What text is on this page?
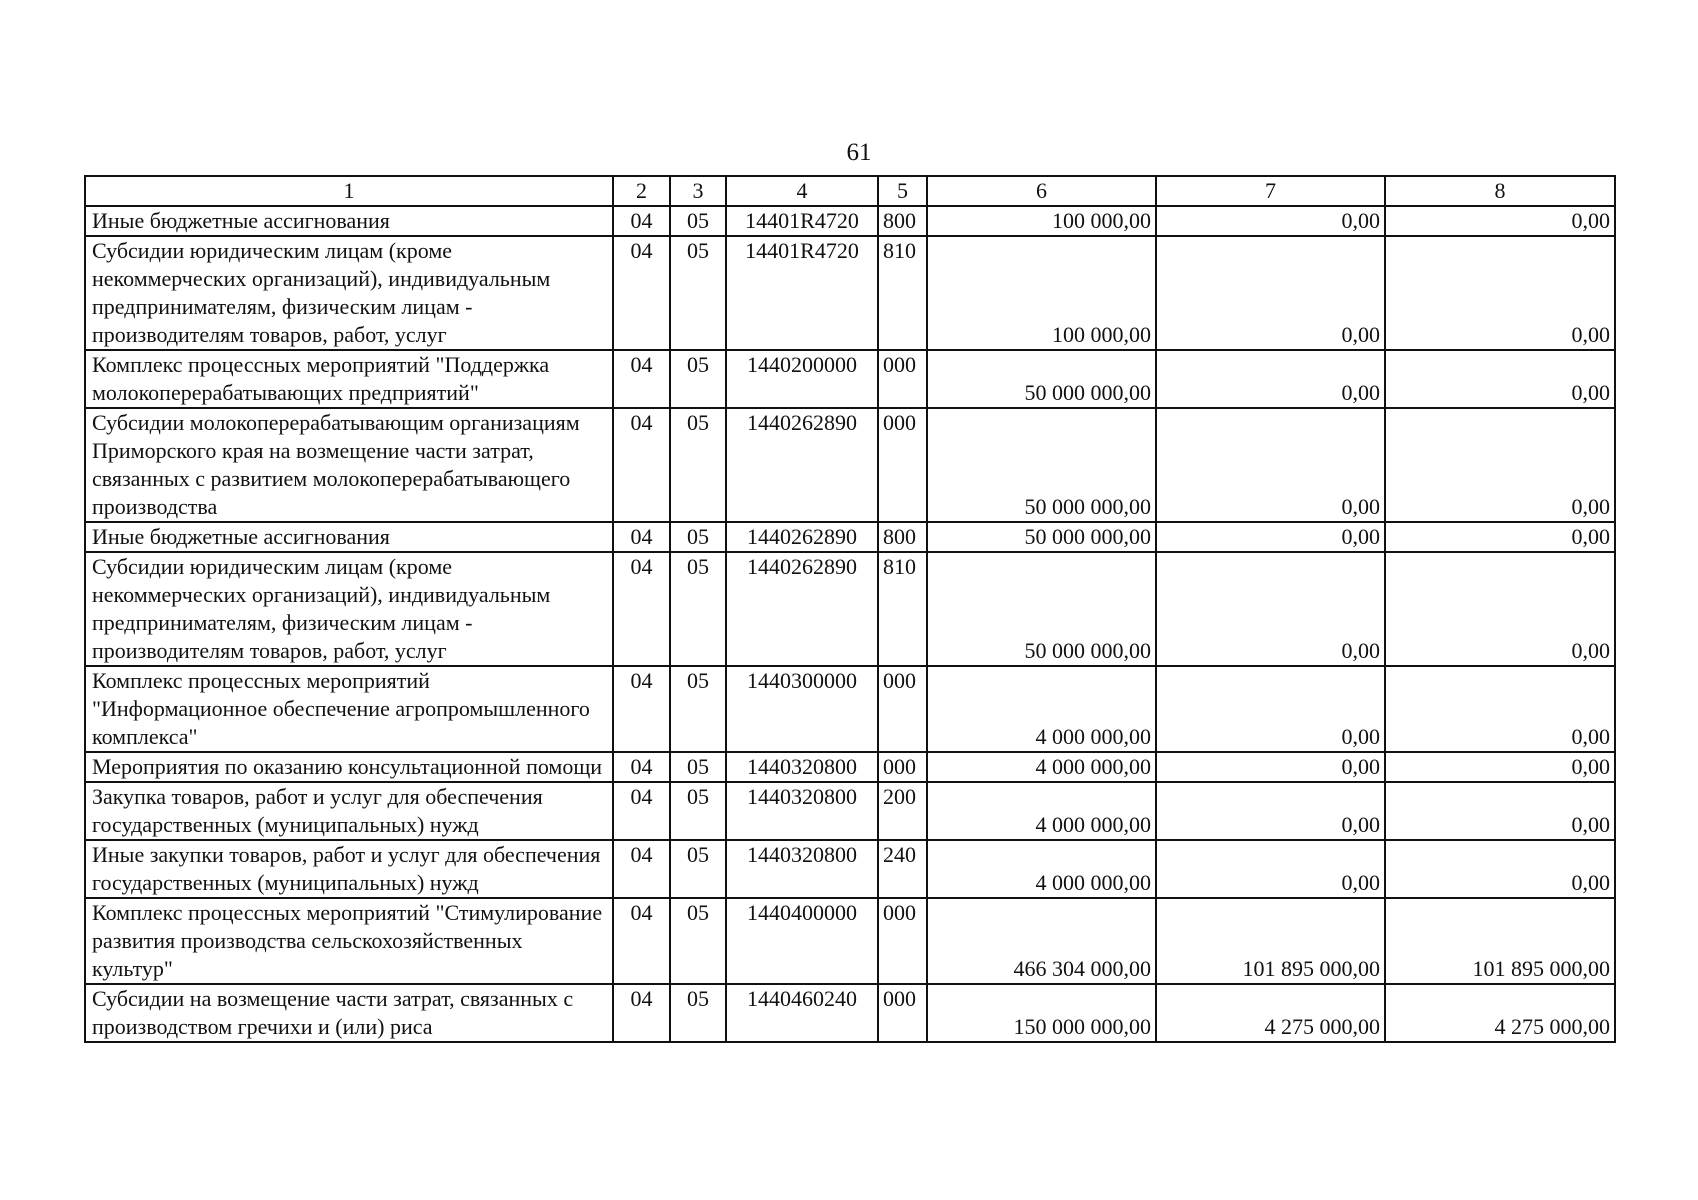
61
1	2	3	4	5	6	7	8
Иные бюджетные ассигнования	04	05	14401R4720	800	100 000,00	0,00	0,00
Субсидии юридическим лицам (кроме некоммерческих организаций), индивидуальным предпринимателям, физическим лицам - производителям товаров, работ, услуг	04	05	14401R4720	810	100 000,00	0,00	0,00
Комплекс процессных мероприятий "Поддержка молокоперерабатывающих предприятий"	04	05	1440200000	000	50 000 000,00	0,00	0,00
Субсидии молокоперерабатывающим организациям Приморского края на возмещение части затрат, связанных с развитием молокоперерабатывающего производства	04	05	1440262890	000	50 000 000,00	0,00	0,00
Иные бюджетные ассигнования	04	05	1440262890	800	50 000 000,00	0,00	0,00
Субсидии юридическим лицам (кроме некоммерческих организаций), индивидуальным предпринимателям, физическим лицам - производителям товаров, работ, услуг	04	05	1440262890	810	50 000 000,00	0,00	0,00
Комплекс процессных мероприятий "Информационное обеспечение агропромышленного комплекса"	04	05	1440300000	000	4 000 000,00	0,00	0,00
Мероприятия по оказанию консультационной помощи	04	05	1440320800	000	4 000 000,00	0,00	0,00
Закупка товаров, работ и услуг для обеспечения государственных (муниципальных) нужд	04	05	1440320800	200	4 000 000,00	0,00	0,00
Иные закупки товаров, работ и услуг для обеспечения государственных (муниципальных) нужд	04	05	1440320800	240	4 000 000,00	0,00	0,00
Комплекс процессных мероприятий "Стимулирование развития производства сельскохозяйственных культур"	04	05	1440400000	000	466 304 000,00	101 895 000,00	101 895 000,00
Субсидии на возмещение части затрат, связанных с производством гречихи и (или) риса	04	05	1440460240	000	150 000 000,00	4 275 000,00	4 275 000,00
